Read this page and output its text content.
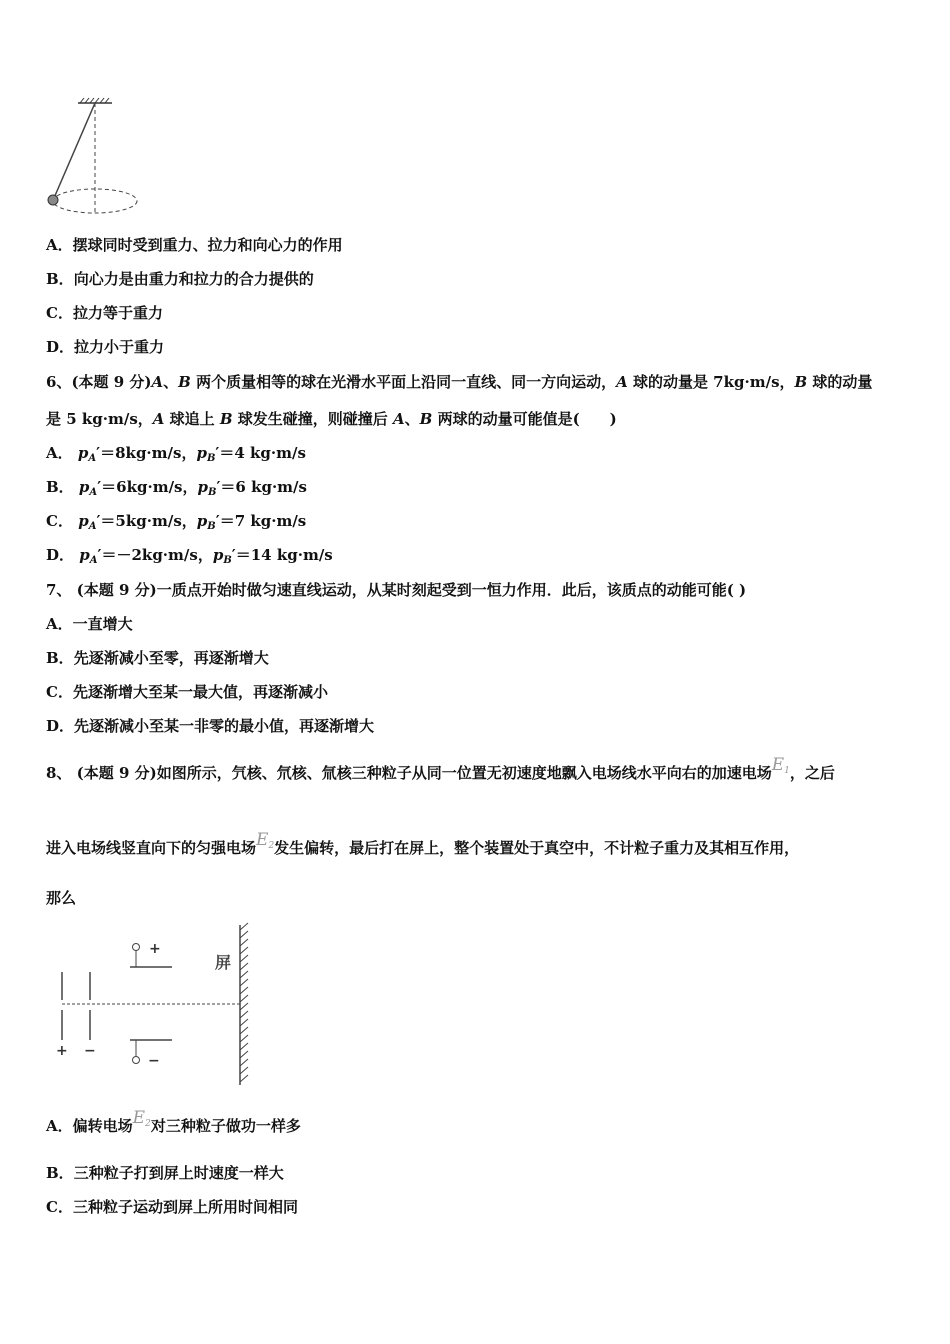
A．摆球同时受到重力、拉力和向心力的作用
B．向心力是由重力和拉力的合力提供的
C．拉力等于重力
D．拉力小于重力
6、(本题 9 分)A、B 两个质量相等的球在光滑水平面上沿同一直线、同一方向运动，A 球的动量是 7kg·m/s，B 球的动量
是 5 kg·m/s，A 球追上 B 球发生碰撞，则碰撞后 A、B 两球的动量可能值是(　　)
A． $p_A'=8kg\cdot m/s$，$p_B'=4$ kg·m/s
B． $p_A'=6kg\cdot m/s$，$p_B'=6$ kg·m/s
C． $p_A'=5kg\cdot m/s$，$p_B'=7$ kg·m/s
D． $p_A'=-2kg\cdot m/s$，$p_B'=14$ kg·m/s
7、 (本题 9 分)一质点开始时做匀速直线运动，从某时刻起受到一恒力作用．此后，该质点的动能可能( )
A．一直增大
B．先逐渐减小至零，再逐渐增大
C．先逐渐增大至某一最大值，再逐渐减小
D．先逐渐减小至某一非零的最小值，再逐渐增大
8、 (本题 9 分)如图所示，氕核、氘核、氚核三种粒子从同一位置无初速度地飘入电场线水平向右的加速电场$E_1$，之后
进入电场线竖直向下的匀强电场$E_2$发生偏转，最后打在屏上，整个装置处于真空中，不计粒子重力及其相互作用，
那么
+ −
+
−
屏
A．偏转电场$E_2$对三种粒子做功一样多
B．三种粒子打到屏上时速度一样大
C．三种粒子运动到屏上所用时间相同
